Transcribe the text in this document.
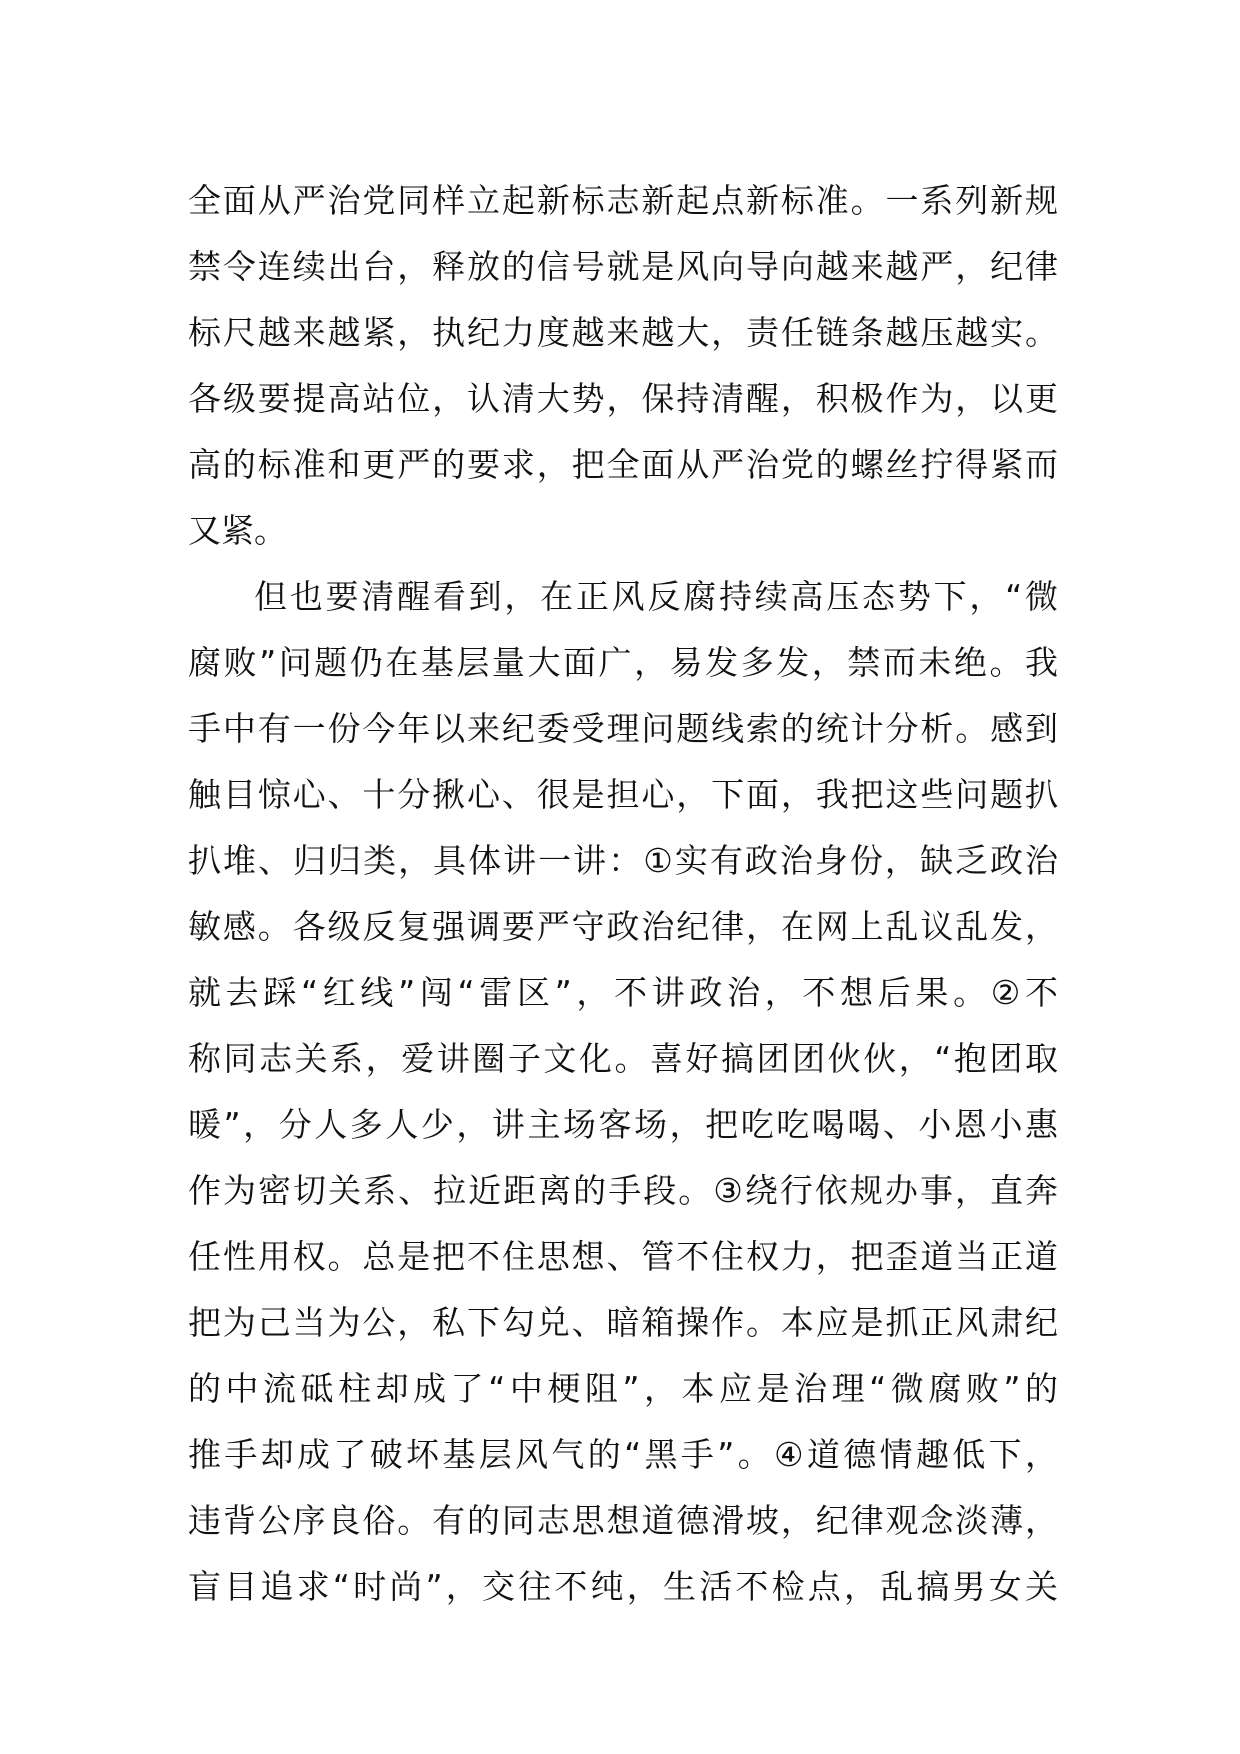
全面从严治党同样立起新标志新起点新标准。一系列新规
禁令连续出台，释放的信号就是风向导向越来越严，纪律
标尺越来越紧，执纪力度越来越大，责任链条越压越实。
各级要提高站位，认清大势，保持清醒，积极作为，以更
高的标准和更严的要求，把全面从严治党的螺丝拧得紧而
又紧。
但也要清醒看到，在正风反腐持续高压态势下，“微
腐败”问题仍在基层量大面广，易发多发，禁而未绝。我
手中有一份今年以来纪委受理问题线索的统计分析。感到
触目惊心、十分揪心、很是担心，下面，我把这些问题扒
扒堆、归归类，具体讲一讲：①实有政治身份，缺乏政治
敏感。各级反复强调要严守政治纪律，在网上乱议乱发，
就去踩“红线”闯“雷区”，不讲政治，不想后果。②不
称同志关系，爱讲圈子文化。喜好搞团团伙伙，“抱团取
暖”，分人多人少，讲主场客场，把吃吃喝喝、小恩小惠
作为密切关系、拉近距离的手段。③绕行依规办事，直奔
任性用权。总是把不住思想、管不住权力，把歪道当正道
把为己当为公，私下勾兑、暗箱操作。本应是抓正风肃纪
的中流砥柱却成了“中梗阻”，本应是治理“微腐败”的
推手却成了破坏基层风气的“黑手”。④道德情趣低下，
违背公序良俗。有的同志思想道德滑坡，纪律观念淡薄，
盲目追求“时尚”，交往不纯，生活不检点，乱搞男女关
